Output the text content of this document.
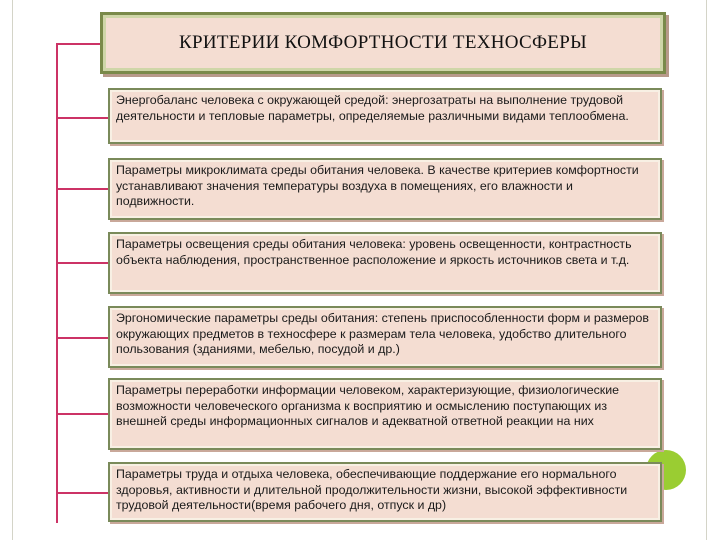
КРИТЕРИИ КОМФОРТНОСТИ ТЕХНОСФЕРЫ
Энергобаланс человека с окружающей средой: энергозатраты на выполнение трудовой деятельности и тепловые параметры, определяемые различными видами теплообмена.
Параметры микроклимата среды обитания человека. В качестве критериев комфортности устанавливают значения температуры воздуха в помещениях, его влажности и подвижности.
Параметры освещения среды обитания человека: уровень освещенности, контрастность объекта наблюдения, пространственное расположение и яркость источников света и т.д.
Эргономические параметры среды обитания: степень приспособленности форм и размеров окружающих предметов в техносфере к размерам тела человека, удобство длительного пользования (зданиями, мебелью, посудой и др.)
Параметры переработки информации человеком, характеризующие, физиологические возможности человеческого организма к восприятию и осмыслению поступающих из внешней среды информационных сигналов и адекватной ответной реакции на них
Параметры труда и отдыха человека, обеспечивающие поддержание его нормального здоровья, активности и длительной продолжительности жизни, высокой эффективности трудовой деятельности(время рабочего дня, отпуск и др)
